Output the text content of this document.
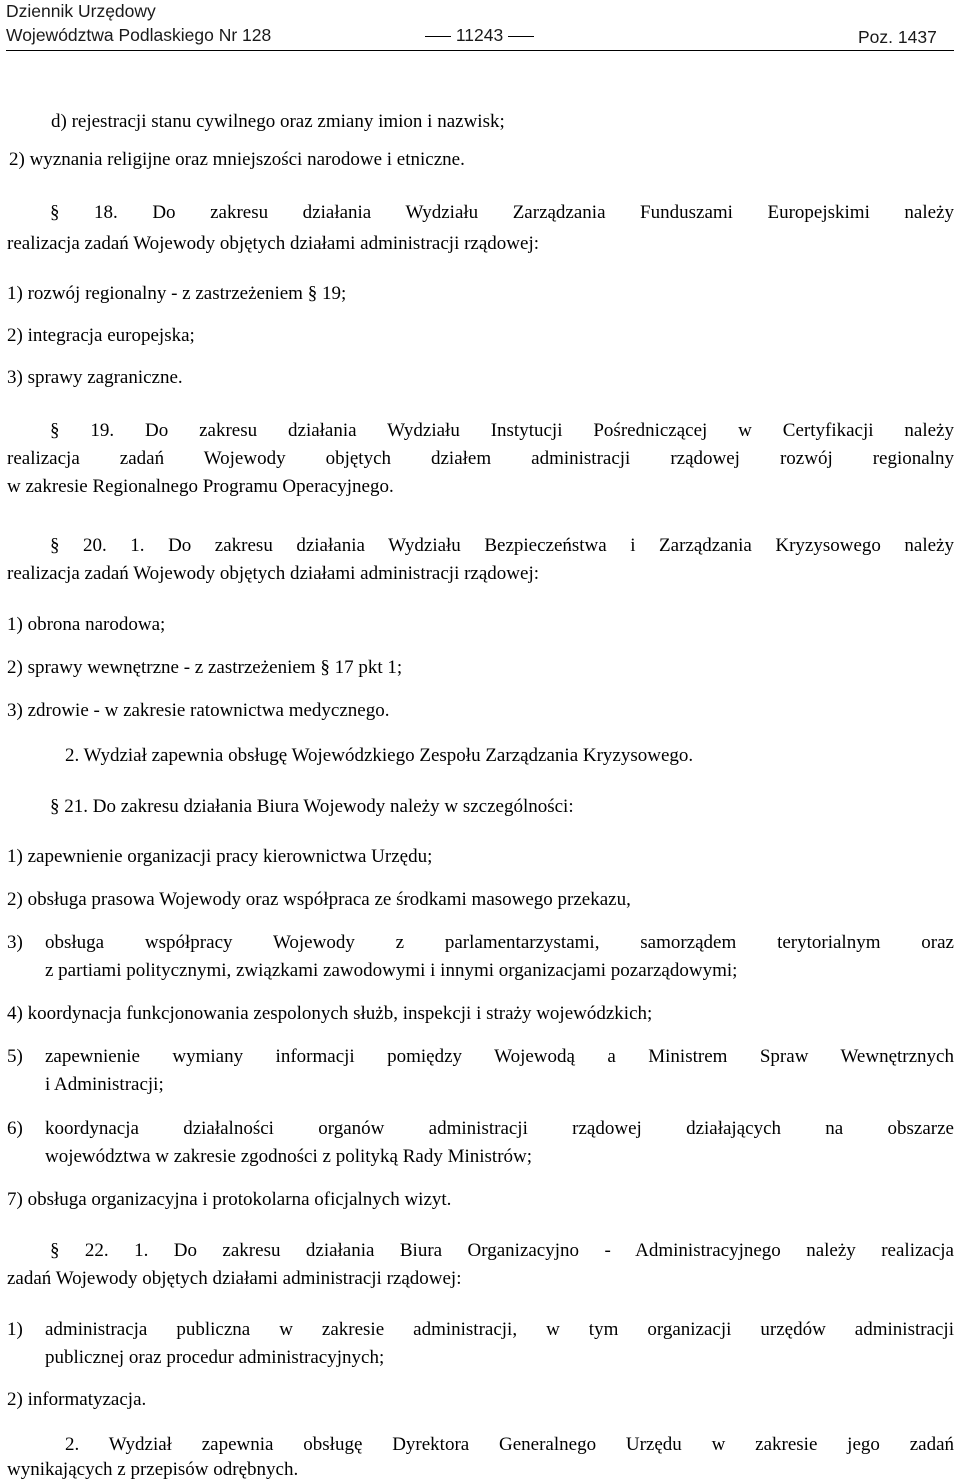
Dziennik Urzędowy
Województwa Podlaskiego Nr 128	11243	Poz. 1437
d) rejestracji stanu cywilnego oraz zmiany imion i nazwisk;
2) wyznania religijne oraz mniejszości narodowe i etniczne.
§ 18. Do zakresu działania Wydziału Zarządzania Funduszami Europejskimi należy
realizacja zadań Wojewody objętych działami administracji rządowej:
1) rozwój regionalny - z zastrzeżeniem § 19;
2) integracja europejska;
3) sprawy zagraniczne.
§ 19. Do zakresu działania Wydziału Instytucji Pośredniczącej w Certyfikacji należy
realizacja zadań Wojewody objętych działem administracji rządowej rozwój regionalny
w zakresie Regionalnego Programu Operacyjnego.
§ 20. 1. Do zakresu działania Wydziału Bezpieczeństwa i Zarządzania Kryzysowego należy
realizacja zadań Wojewody objętych działami administracji rządowej:
1) obrona narodowa;
2) sprawy wewnętrzne - z zastrzeżeniem § 17 pkt 1;
3) zdrowie - w zakresie ratownictwa medycznego.
2. Wydział zapewnia obsługę Wojewódzkiego Zespołu Zarządzania Kryzysowego.
§ 21. Do zakresu działania Biura Wojewody należy w szczególności:
1) zapewnienie organizacji pracy kierownictwa Urzędu;
2) obsługa prasowa Wojewody oraz współpraca ze środkami masowego przekazu,
3) obsługa współpracy Wojewody z parlamentarzystami, samorządem terytorialnym oraz
z partiami politycznymi, związkami zawodowymi i innymi organizacjami pozarządowymi;
4) koordynacja funkcjonowania zespolonych służb, inspekcji i straży wojewódzkich;
5) zapewnienie wymiany informacji pomiędzy Wojewodą a Ministrem Spraw Wewnętrznych
i Administracji;
6) koordynacja działalności organów administracji rządowej działających na obszarze
województwa w zakresie zgodności z polityką Rady Ministrów;
7) obsługa organizacyjna i protokolarna oficjalnych wizyt.
§ 22. 1. Do zakresu działania Biura Organizacyjno - Administracyjnego należy realizacja
zadań Wojewody objętych działami administracji rządowej:
1) administracja publiczna w zakresie administracji, w tym organizacji urzędów administracji
publicznej oraz procedur administracyjnych;
2) informatyzacja.
2. Wydział zapewnia obsługę Dyrektora Generalnego Urzędu w zakresie jego zadań
wynikających z przepisów odrębnych.
